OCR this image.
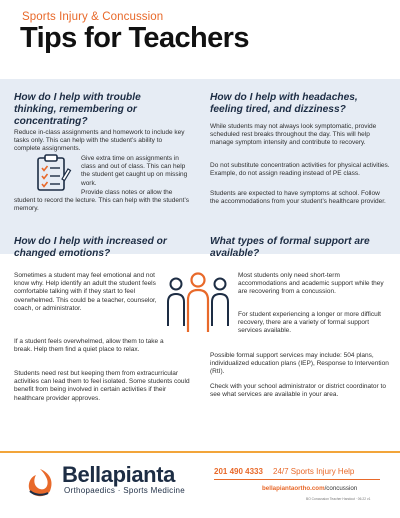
Sports Injury & Concussion
Tips for Teachers
How do I help with trouble thinking, remembering or concentrating?
Reduce in-class assignments and homework to include key tasks only. This can help with the student’s ability to complete assignments.
Give extra time on assignments in class and out of class. This can help the student get caught up on missing work.
Provide class notes or allow the
student to record the lecture. This can help with the student’s memory.
How do I help with headaches, feeling tired, and dizziness?
While students may not always look symptomatic, provide scheduled rest breaks throughout the day. This will help manage symptom intensity and contribute to recovery.
Do not substitute concentration activities for physical activities. Example, do not assign reading instead of PE class.
Students are expected to have symptoms at school. Follow the accommodations from your student’s healthcare provider.
How do I help with increased or changed emotions?
Sometimes a student may feel emotional and not know why. Help identify an adult the student feels comfortable talking with if they start to feel overwhelmed. This could be a teacher, counselor, coach, or administrator.
If a student feels overwhelmed, allow them to take a break. Help them find a quiet place to relax.
Students need rest but keeping them from extracurricular activities can lead them to feel isolated. Some students could benefit from being involved in certain activities if their healthcare provider approves.
What types of formal support are available?
Most students only need short-term accommodations and academic support while they are recovering from a concussion.
For student experiencing a longer or more difficult recovery, there are a variety of formal support services available.
Possible formal support services may include: 504 plans, individualized education plans (IEP), Response to Intervention (RtI).
Check with your school administrator or district coordinator to see what services are available in your area.
Bellapianta
Orthopaedics · Sports Medicine
201 490 4333 24/7 Sports Injury Help
bellapiantaortho.com/concussion
BO Concussion Teacher Handout · 06.22 v1
